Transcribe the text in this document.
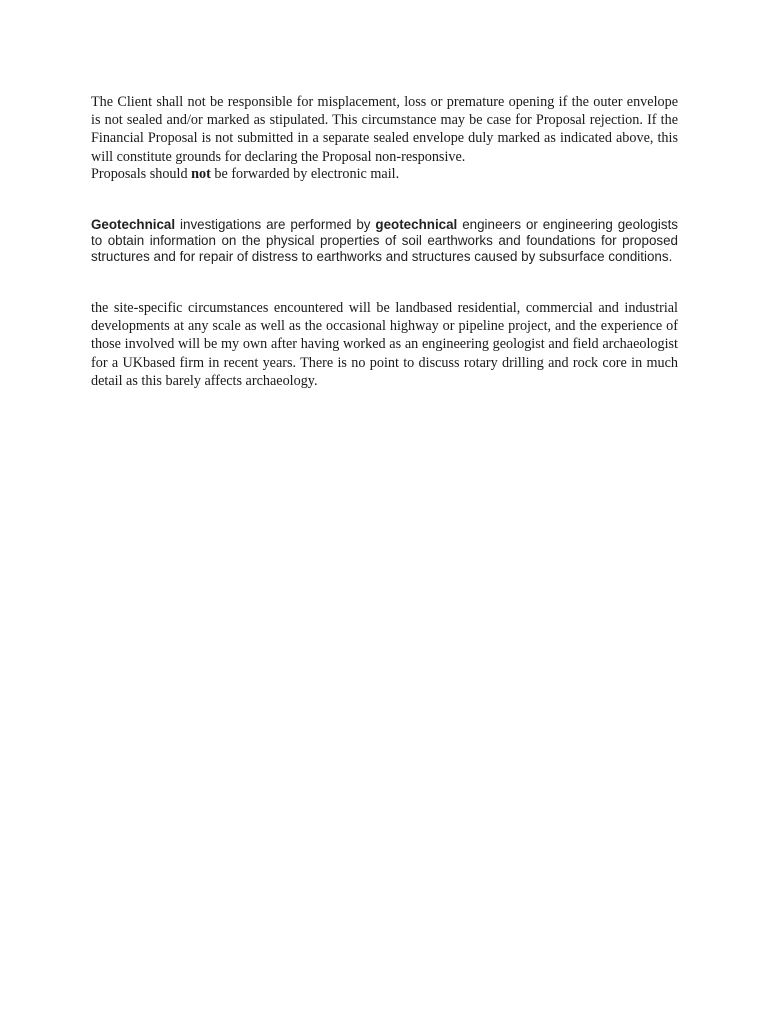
The Client shall not be responsible for misplacement, loss or premature opening if the outer envelope is not sealed and/or marked as stipulated. This circumstance may be case for Proposal rejection. If the Financial Proposal is not submitted in a separate sealed envelope duly marked as indicated above, this will constitute grounds for declaring the Proposal non-responsive.

Proposals should not be forwarded by electronic mail.

Geotechnical investigations are performed by geotechnical engineers or engineering geologists to obtain information on the physical properties of soil earthworks and foundations for proposed structures and for repair of distress to earthworks and structures caused by subsurface conditions.

the site-specific circumstances encountered will be landbased residential, commercial and industrial developments at any scale as well as the occasional highway or pipeline project, and the experience of those involved will be my own after having worked as an engineering geologist and field archaeologist for a UKbased firm in recent years. There is no point to discuss rotary drilling and rock core in much detail as this barely affects archaeology.
